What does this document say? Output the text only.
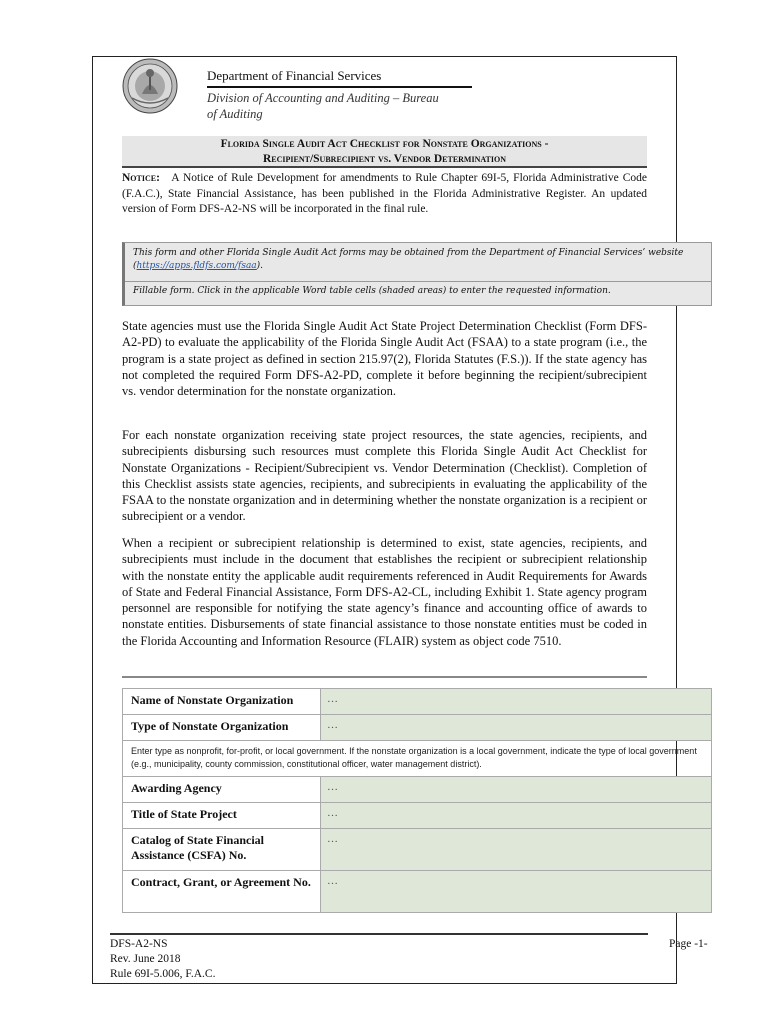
Department of Financial Services
Division of Accounting and Auditing – Bureau
of Auditing
Florida Single Audit Act Checklist for Nonstate Organizations -
Recipient/Subrecipient vs. Vendor Determination
Notice: A Notice of Rule Development for amendments to Rule Chapter 69I-5, Florida Administrative Code (F.A.C.), State Financial Assistance, has been published in the Florida Administrative Register. An updated version of Form DFS-A2-NS will be incorporated in the final rule.
This form and other Florida Single Audit Act forms may be obtained from the Department of Financial Services’ website
(https://apps.fldfs.com/fsaa).
Fillable form. Click in the applicable Word table cells (shaded areas) to enter the requested information.

State agencies must use the Florida Single Audit Act State Project Determination Checklist (Form DFS-A2-PD) to evaluate the applicability of the Florida Single Audit Act (FSAA) to a state program (i.e., the program is a state project as defined in section 215.97(2), Florida Statutes (F.S.)). If the state agency has not completed the required Form DFS-A2-PD, complete it before beginning the recipient/subrecipient vs. vendor determination for the nonstate organization.

For each nonstate organization receiving state project resources, the state agencies, recipients, and subrecipients disbursing such resources must complete this Florida Single Audit Act Checklist for Nonstate Organizations - Recipient/Subrecipient vs. Vendor Determination (Checklist). Completion of this Checklist assists state agencies, recipients, and subrecipients in evaluating the applicability of the FSAA to the nonstate organization and in determining whether the nonstate organization is a recipient or subrecipient or a vendor.

When a recipient or subrecipient relationship is determined to exist, state agencies, recipients, and subrecipients must include in the document that establishes the recipient or subrecipient relationship with the nonstate entity the applicable audit requirements referenced in Audit Requirements for Awards of State and Federal Financial Assistance, Form DFS-A2-CL, including Exhibit 1. State agency program personnel are responsible for notifying the state agency’s finance and accounting office of awards to nonstate entities. Disbursements of state financial assistance to those nonstate entities must be coded in the Florida Accounting and Information Resource (FLAIR) system as object code 7510.

Name of Nonstate Organization	…
Type of Nonstate Organization	…
Enter type as nonprofit, for-profit, or local government. If the nonstate organization is a local government, indicate the type of local government (e.g., municipality, county commission, constitutional officer, water management district).	
Awarding Agency	…
Title of State Project	…
Catalog of State Financial Assistance (CSFA) No.	…
Contract, Grant, or Agreement No.	…
DFS-A2-NS
Rev. June 2018
Rule 69I-5.006, F.A.C.
Page -1-
